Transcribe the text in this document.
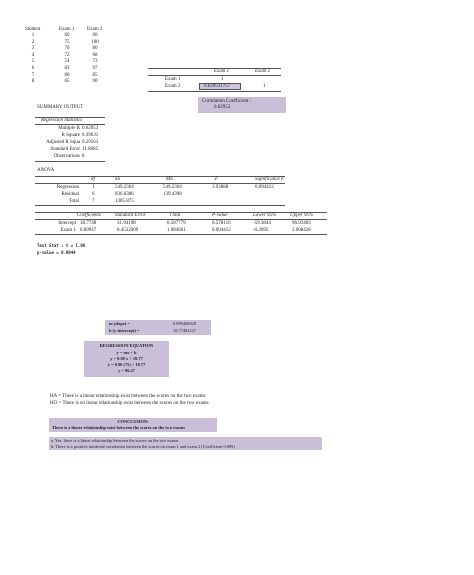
Student	Exam 1	Exam 2
1	60	60
2	75	100
3	70	80
4	72	68
5	54	73
6	83	97
7	80	85
8	65	90
Exam 1	Exam 2
Exam 1	1
Exam 2	0.629531757	1
Correlation Coefficient :
0.62953
SUMMARY OUTPUT
Regression Statistics
Multiple R 0.62953
R Square 0.39631
Adjusted R Squa 0.29563
Standard Error 11.8085
Observations 8
ANOVA
df	SS	MS	F	Significance F
Regression	1	549.2364	549.2364	3.93888	0.094412
Residual	6	836.6386	139.4398
Total	7	1385.875
Coefficients	Standard Error	t Stat	P-value	Lower 95%	Upper 95%
Intercept 18.7748	31.94198	0.587779	0.578116	-59.3844	96.93403
Exam 1 0.89947	0.4532009	1.984661	0.094412	-0.2095	2.008428
Test Stat : t = 1.98
p-value = 0.0944
m (slope) =	0.899466028
b (y-intercept) =	18.77481127
REGRESSION EQUATION
y = mx + b
y = 0.90 x + 18.77
y = 0.90 (75) + 18.77
y = 86.27
HA = There is a linear relationship exist between the scores on the two exams
HO = There is no linear relationship exist between the scores on the two exams
CONCLUSION:
There is a linear relationship exist between the scores on the two exams
a. Yes, there is a linear relationship between the scores on the two exams
b. There is a positive moderate correlation between the scores on exam 1 and exam 2 (Coefficient 0.089)
